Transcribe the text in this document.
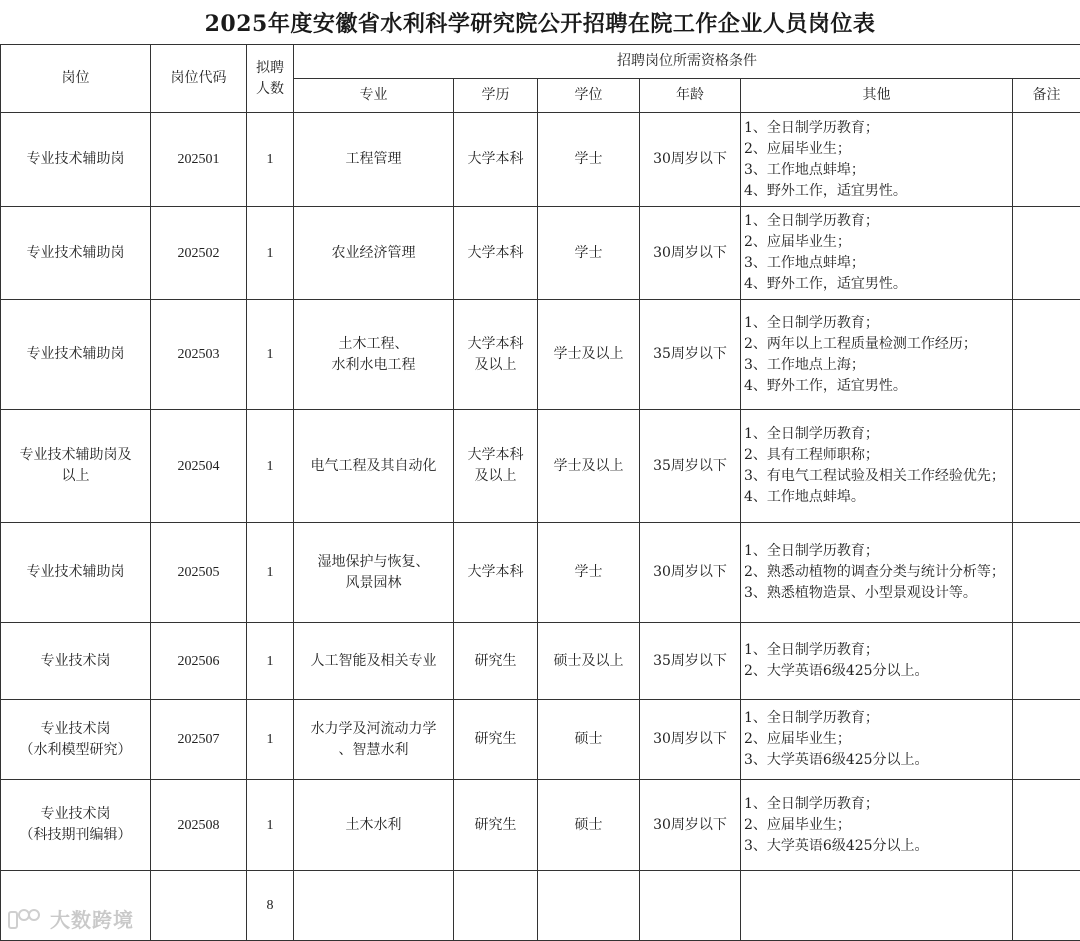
2025年度安徽省水利科学研究院公开招聘在院工作企业人员岗位表
岗位	岗位代码	拟聘人数	招聘岗位所需资格条件					
			专业	学历	学位	年龄	其他	备注

专业技术辅助岗	202501	1	工程管理	大学本科	学士	30周岁以下	1、全日制学历教育；
2、应届毕业生；
3、工作地点蚌埠；
4、野外工作，适宜男性。	

专业技术辅助岗	202502	1	农业经济管理	大学本科	学士	30周岁以下	1、全日制学历教育；
2、应届毕业生；
3、工作地点蚌埠；
4、野外工作，适宜男性。	

专业技术辅助岗	202503	1	土木工程、
水利水电工程	大学本科
及以上	学士及以上	35周岁以下	1、全日制学历教育；
2、两年以上工程质量检测工作经历；
3、工作地点上海；
4、野外工作，适宜男性。	

专业技术辅助岗及
以上	202504	1	电气工程及其自动化	大学本科
及以上	学士及以上	35周岁以下	1、全日制学历教育；
2、具有工程师职称；
3、有电气工程试验及相关工作经验优先；
4、工作地点蚌埠。	

专业技术辅助岗	202505	1	湿地保护与恢复、
风景园林	大学本科	学士	30周岁以下	1、全日制学历教育；
2、熟悉动植物的调查分类与统计分析等；
3、熟悉植物造景、小型景观设计等。	

专业技术岗	202506	1	人工智能及相关专业	研究生	硕士及以上	35周岁以下	1、全日制学历教育；
2、大学英语6级425分以上。	

专业技术岗
（水利模型研究）	202507	1	水力学及河流动力学
、智慧水利	研究生	硕士	30周岁以下	1、全日制学历教育；
2、应届毕业生；
3、大学英语6级425分以上。	

专业技术岗
（科技期刊编辑）	202508	1	土木水利	研究生	硕士	30周岁以下	1、全日制学历教育；
2、应届毕业生；
3、大学英语6级425分以上。	

		8						
大数跨境
